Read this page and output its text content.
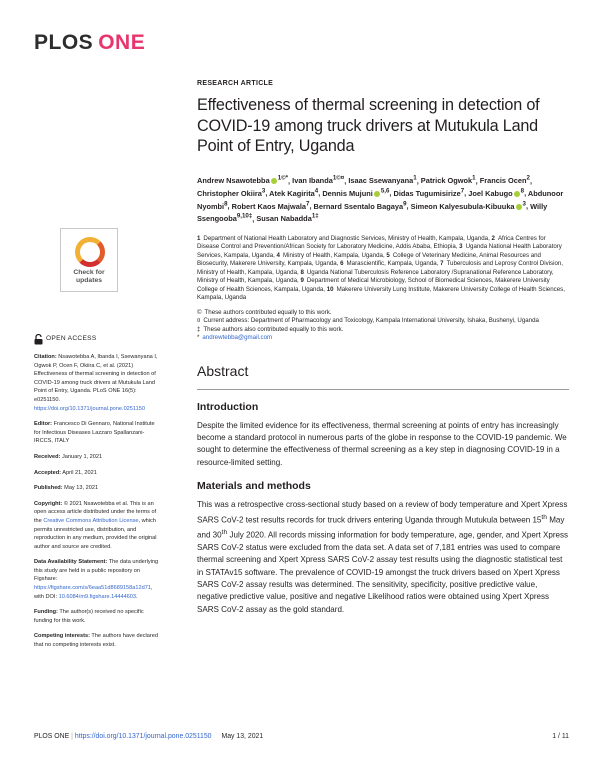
PLOS ONE
Check for
updates
OPEN ACCESS
Citation: Nsawotebba A, Ibanda I, Ssewanyana I, Ogwok P, Ocen F, Okiira C, et al. (2021) Effectiveness of thermal screening in detection of COVID-19 among truck drivers at Mutukula Land Point of Entry, Uganda. PLoS ONE 16(5): e0251150. https://doi.org/10.1371/journal.pone.0251150
Editor: Francesco Di Gennaro, National Institute for Infectious Diseases Lazzaro Spallanzani-IRCCS, ITALY
Received: January 1, 2021
Accepted: April 21, 2021
Published: May 13, 2021
Copyright: © 2021 Nsawotebba et al. This is an open access article distributed under the terms of the Creative Commons Attribution License, which permits unrestricted use, distribution, and reproduction in any medium, provided the original author and source are credited.
Data Availability Statement: The data underlying this study are held in a public repository on Figshare: https://figshare.com/s/6eaa51d8689158a12d71, with DOI: 10.6084/m9.figshare.14444603.
Funding: The author(s) received no specific funding for this work.
Competing interests: The authors have declared that no competing interests exist.
RESEARCH ARTICLE
Effectiveness of thermal screening in detection of COVID-19 among truck drivers at Mutukula Land Point of Entry, Uganda
Andrew Nsawotebba $^{1©*}$, Ivan Ibanda$^{1©¤}$, Isaac Ssewanyana$^1$, Patrick Ogwok$^1$, Francis Ocen$^2$, Christopher Okiira$^3$, Atek Kagirita$^4$, Dennis Mujuni $^{5,6}$, Didas Tugumisirize$^7$, Joel Kabugo $^8$, Abdunoor Nyombi$^8$, Robert Kaos Majwala$^7$, Bernard Ssentalo Bagaya$^9$, Simeon Kalyesubula-Kibuuka $^3$, Willy Ssengooba$^{9,10\ddagger}$, Susan Nabadda$^{1\ddagger}$
1 Department of National Health Laboratory and Diagnostic Services, Ministry of Health, Kampala, Uganda, 2 Africa Centres for Disease Control and Prevention/African Society for Laboratory Medicine, Addis Ababa, Ethiopia, 3 Uganda National Health Laboratory Services, Kampala, Uganda, 4 Ministry of Health, Kampala, Uganda, 5 College of Veterinary Medicine, Animal Resources and Biosecurity, Makerere University, Kampala, Uganda, 6 Marascientific, Kampala, Uganda, 7 Tuberculosis and Leprosy Control Division, Ministry of Health, Kampala, Uganda, 8 Uganda National Tuberculosis Reference Laboratory /Supranational Reference Laboratory, Ministry of Health, Kampala, Uganda, 9 Department of Medical Microbiology, School of Biomedical Sciences, Makerere University College of Health Sciences, Kampala, Uganda, 10 Makerere University Lung Institute, Makerere University College of Health Sciences, Kampala, Uganda
© These authors contributed equally to this work.
¤ Current address: Department of Pharmacology and Toxicology, Kampala International University, Ishaka, Bushenyi, Uganda
‡ These authors also contributed equally to this work.
* andrewtebba@gmail.com
Abstract
Introduction

Despite the limited evidence for its effectiveness, thermal screening at points of entry has increasingly become a standard protocol in numerous parts of the globe in response to the COVID-19 pandemic. We sought to determine the effectiveness of thermal screening as a key step in diagnosing COVID-19 in a resource-limited setting.

Materials and methods

This was a retrospective cross-sectional study based on a review of body temperature and Xpert Xpress SARS CoV-2 test results records for truck drivers entering Uganda through Mutukula between 15th May and 30th July 2020. All records missing information for body temperature, age, gender, and Xpert Xpress SARS CoV-2 status were excluded from the data set. A data set of 7,181 entries was used to compare thermal screening and Xpert Xpress SARS CoV-2 assay test results using the diagnostic statistical test in STATAv15 software. The prevalence of COVID-19 amongst the truck drivers based on Xpert Xpress SARS CoV-2 assay results was determined. The sensitivity, specificity, positive predictive value, negative predictive value, positive and negative Likelihood ratios were obtained using Xpert Xpress SARS CoV-2 assay as the gold standard.

PLOS ONE | https://doi.org/10.1371/journal.pone.0251150 May 13, 2021	1 / 11
